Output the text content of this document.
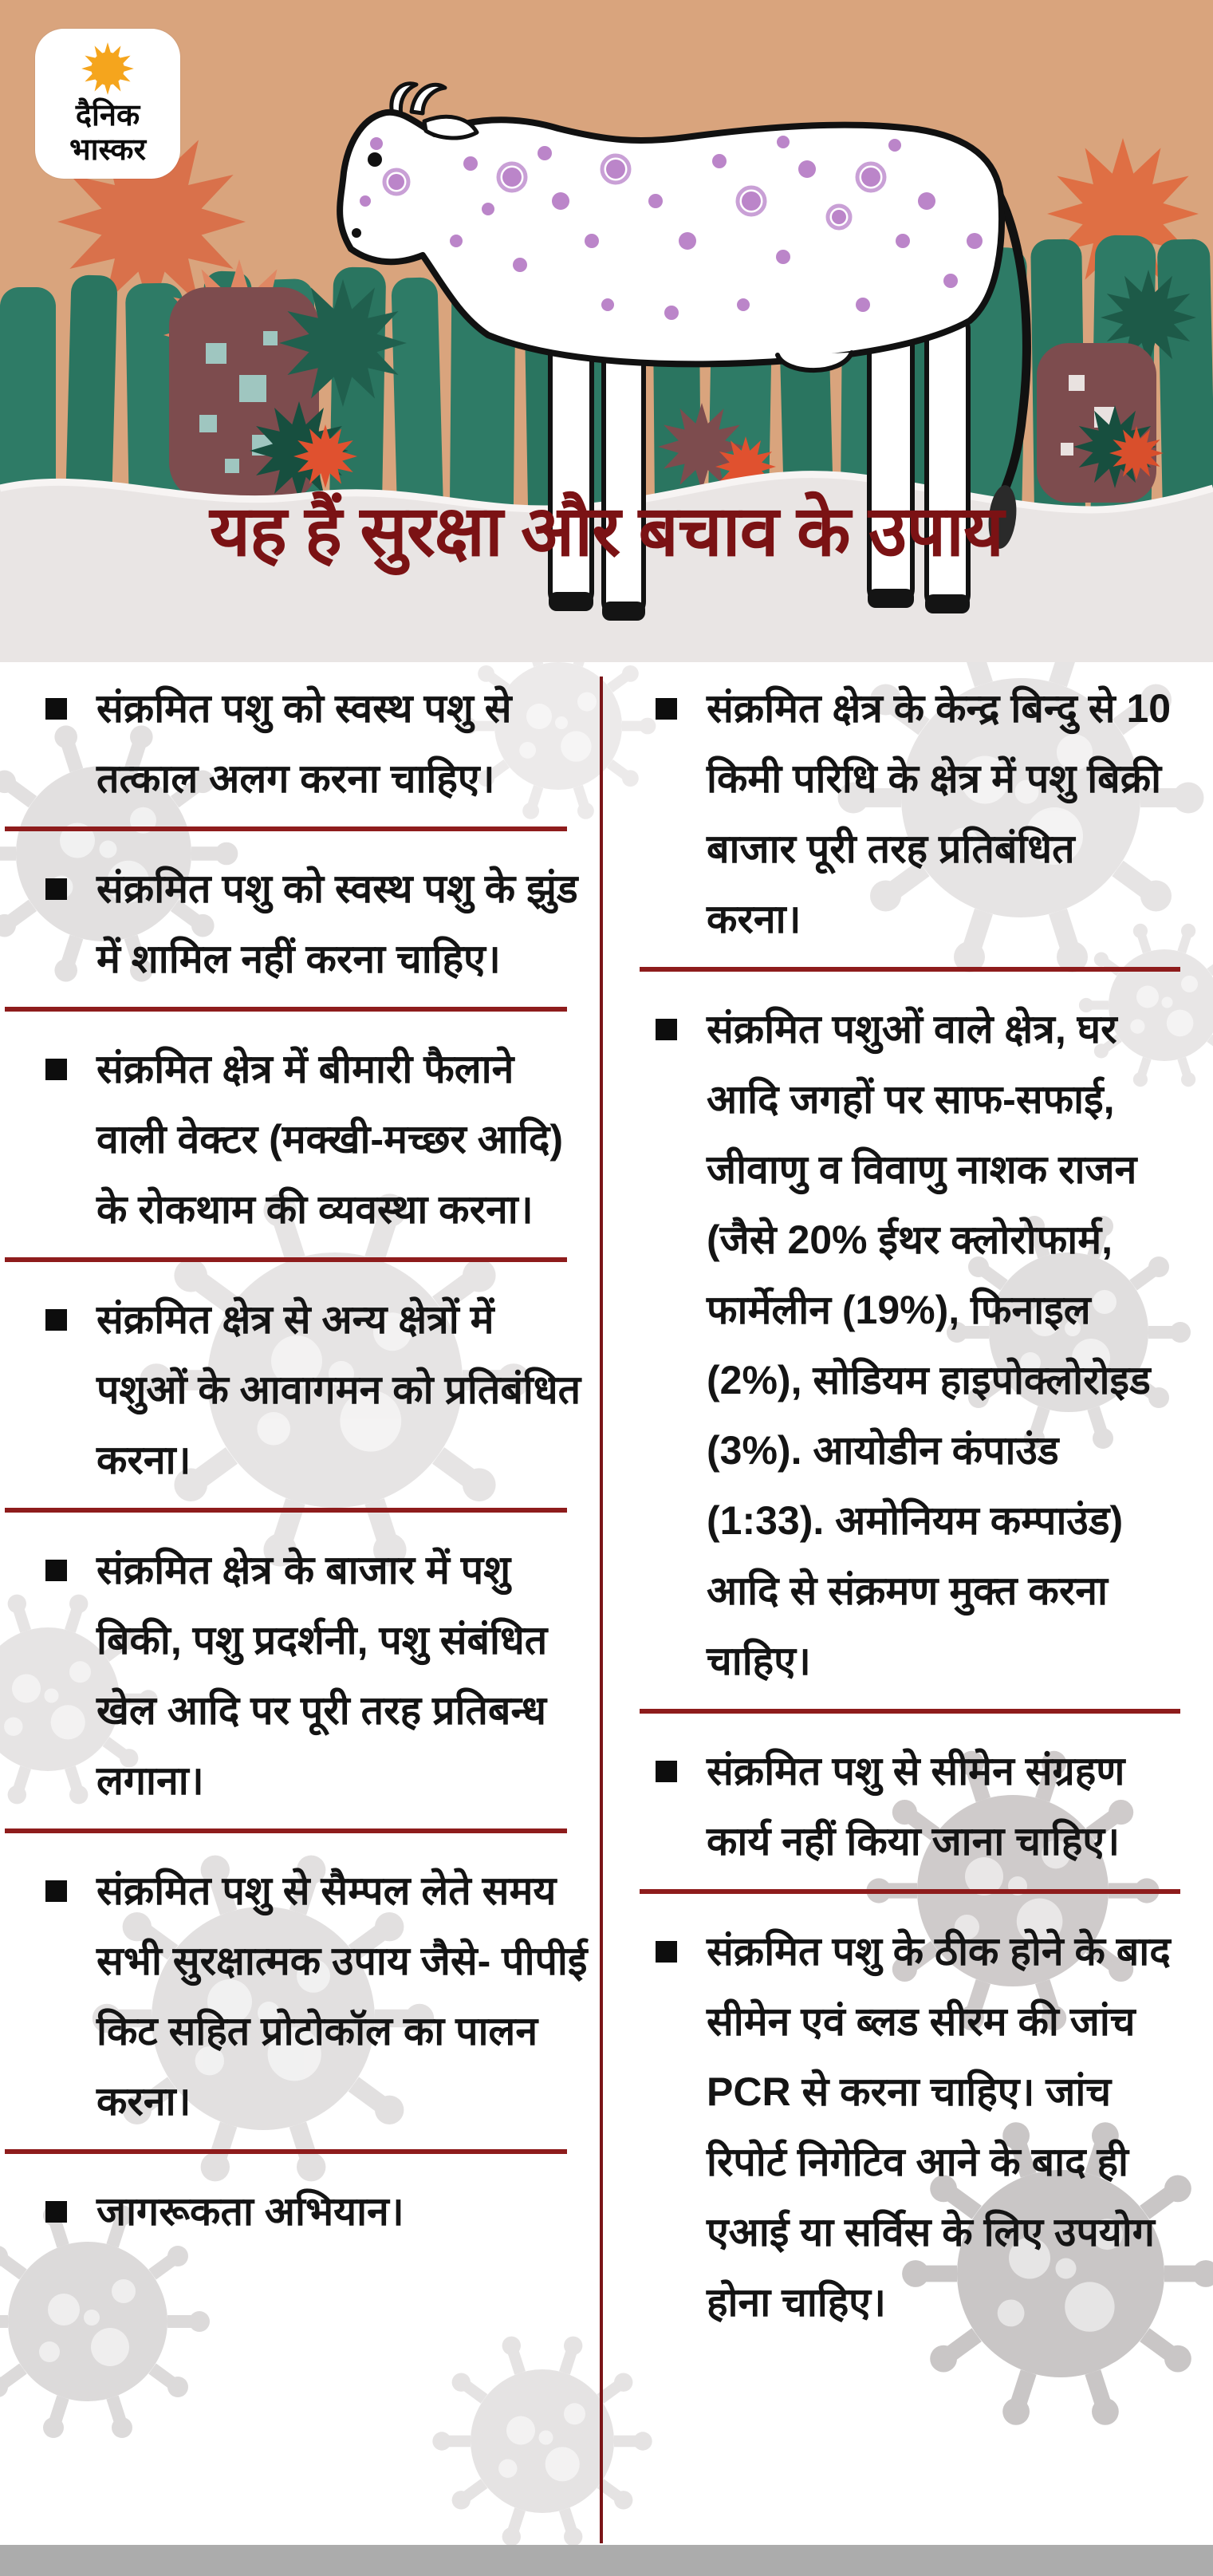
दैनिक
भास्कर
यह हैं सुरक्षा और बचाव के उपाय
संक्रमित पशु को स्वस्थ पशु से तत्काल अलग करना चाहिए।
संक्रमित पशु को स्वस्थ पशु के झुंड में शामिल नहीं करना चाहिए।
संक्रमित क्षेत्र में बीमारी फैलाने वाली वेक्टर (मक्खी-मच्छर आदि) के रोकथाम की व्यवस्था करना।
संक्रमित क्षेत्र से अन्य क्षेत्रों में पशुओं के आवागमन को प्रतिबंधित करना।
संक्रमित क्षेत्र के बाजार में पशु बिकी, पशु प्रदर्शनी, पशु संबंधित खेल आदि पर पूरी तरह प्रतिबन्ध लगाना।
संक्रमित पशु से सैम्पल लेते समय सभी सुरक्षात्मक उपाय जैसे- पीपीई किट सहित प्रोटोकॉल का पालन करना।
जागरूकता अभियान।
संक्रमित क्षेत्र के केन्द्र बिन्दु से 10 किमी परिधि के क्षेत्र में पशु बिक्री बाजार पूरी तरह प्रतिबंधित करना।
संक्रमित पशुओं वाले क्षेत्र, घर आदि जगहों पर साफ-सफाई, जीवाणु व विवाणु नाशक राजन (जैसे 20% ईथर क्लोरोफार्म, फार्मेलीन (19%), फिनाइल (2%), सोडियम हाइपोक्लोरोइड (3%). आयोडीन कंपाउंड (1:33). अमोनियम कम्पाउंड) आदि से संक्रमण मुक्त करना चाहिए।
संक्रमित पशु से सीमेन संग्रहण कार्य नहीं किया जाना चाहिए।
संक्रमित पशु के ठीक होने के बाद सीमेन एवं ब्लड सीरम की जांच PCR से करना चाहिए। जांच रिपोर्ट निगेटिव आने के बाद ही एआई या सर्विस के लिए उपयोग होना चाहिए।
